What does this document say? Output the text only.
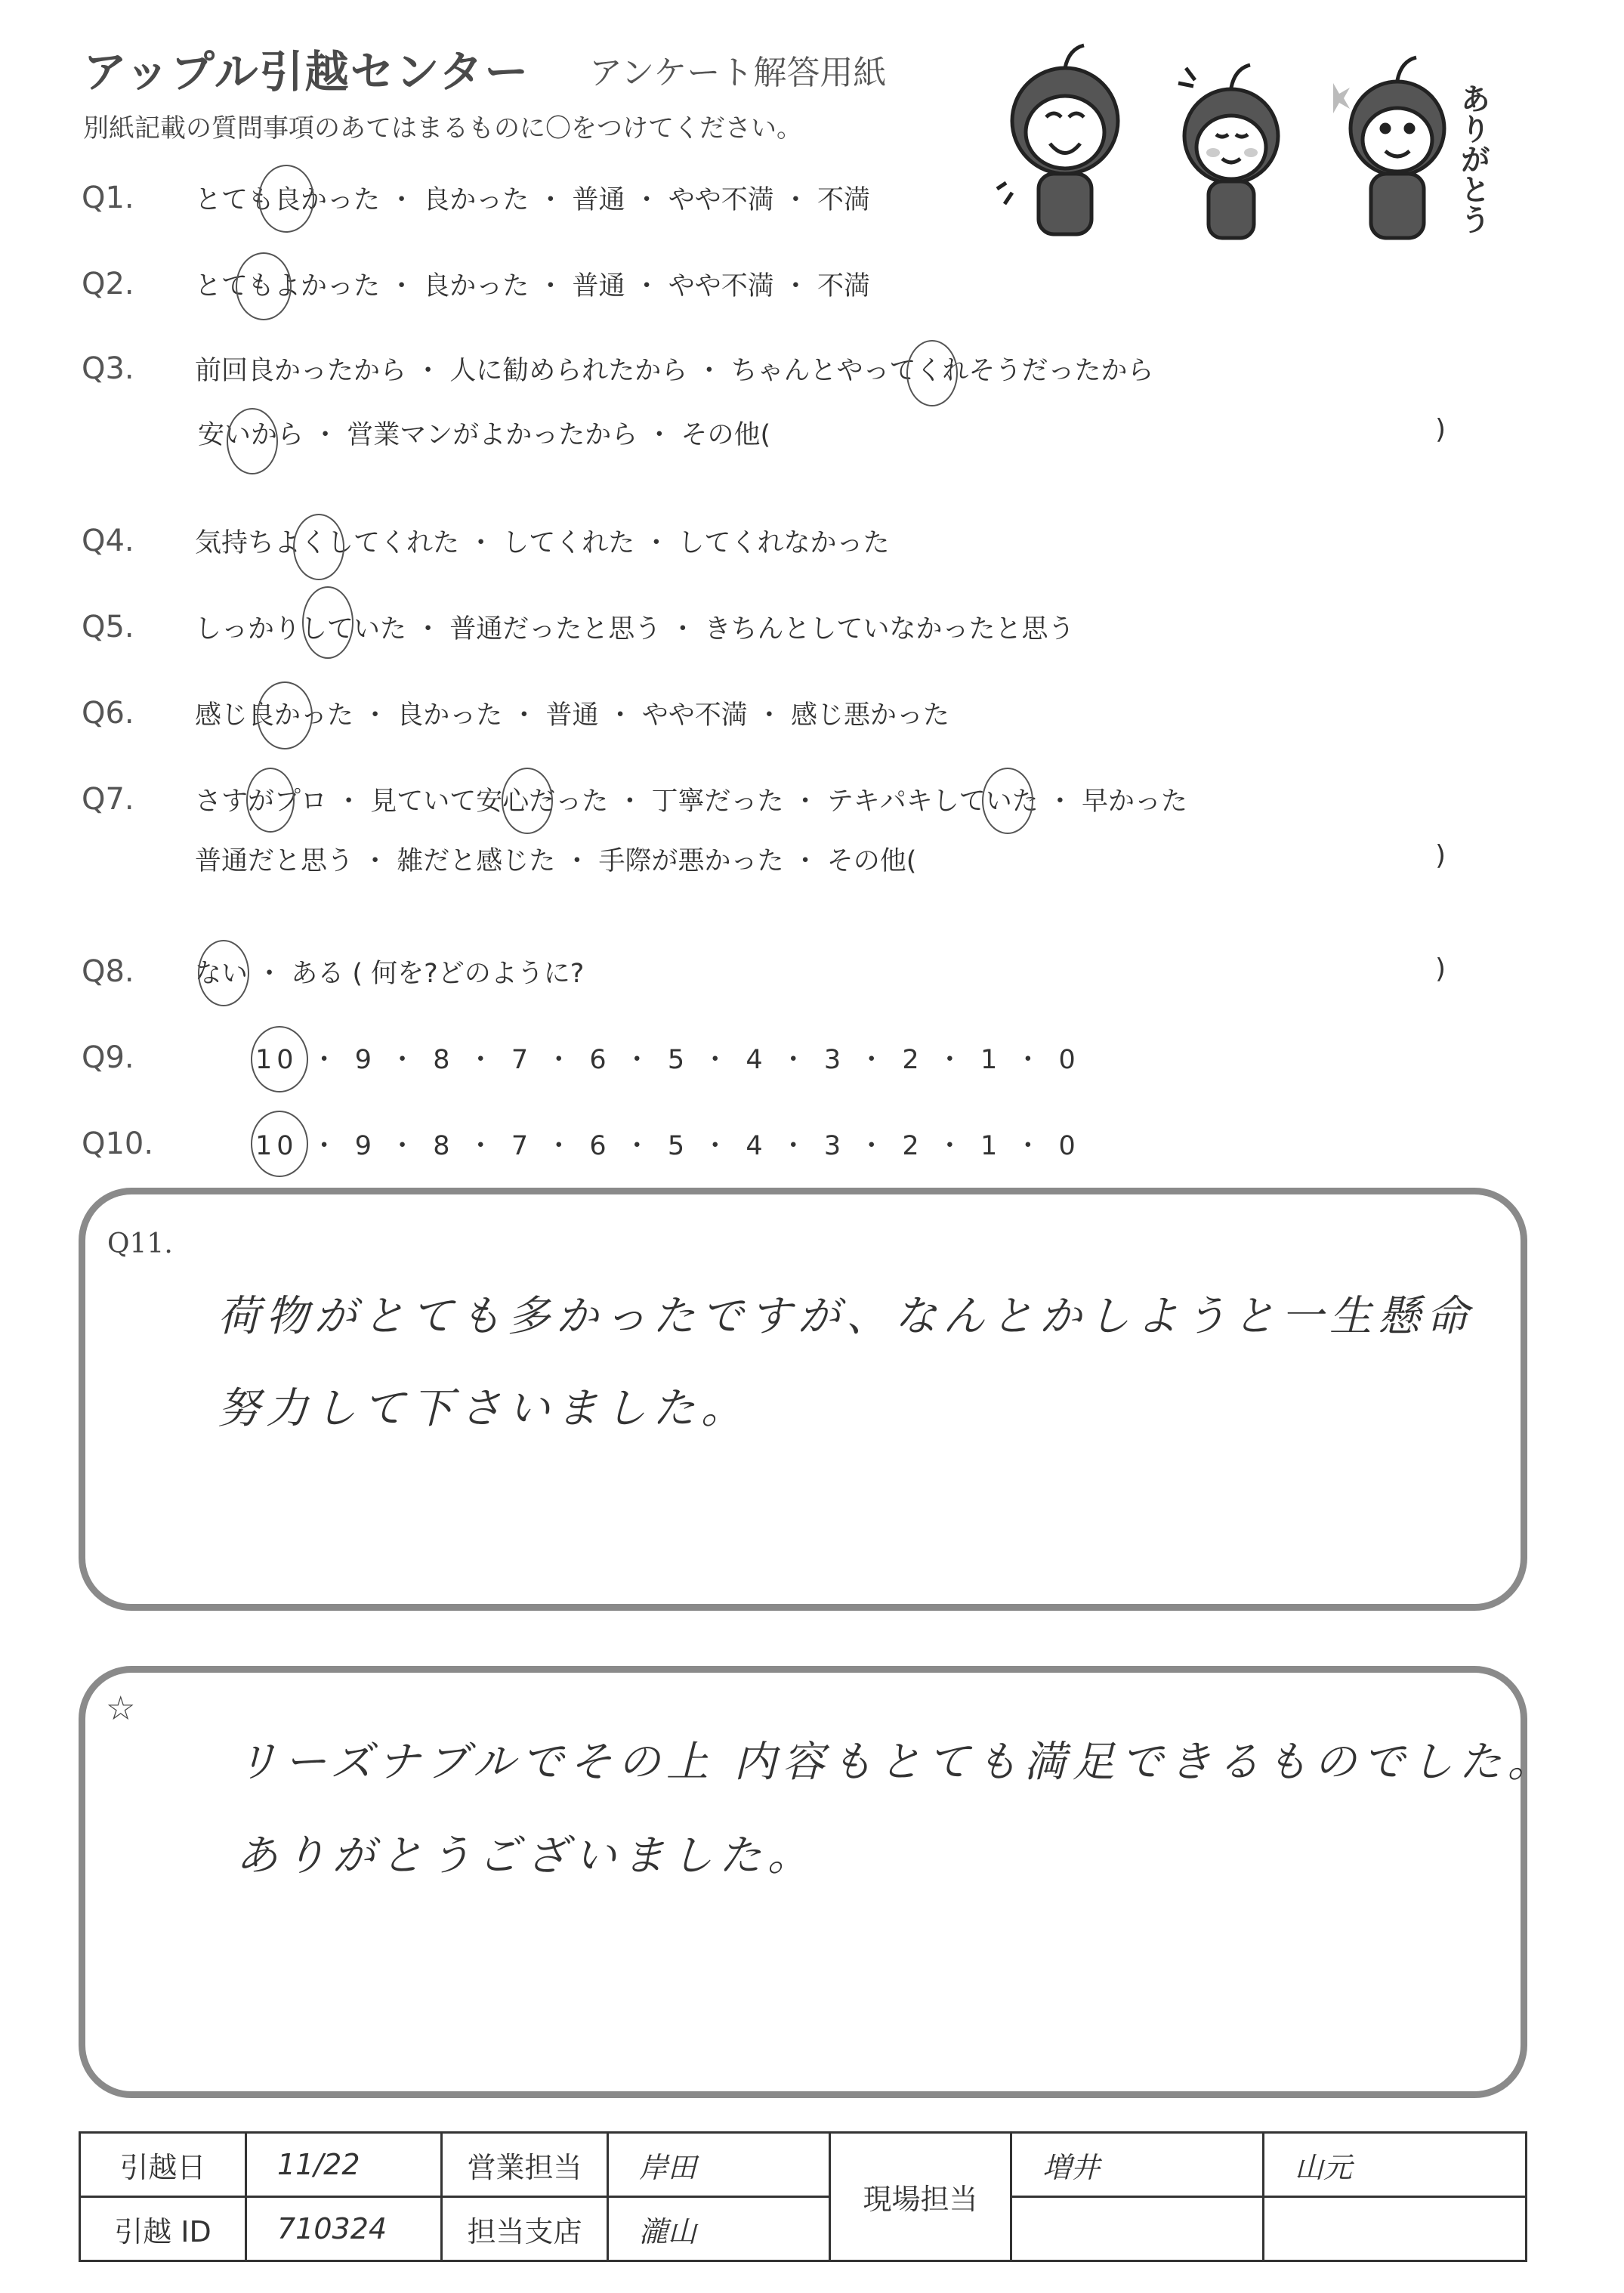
アップル引越センター アンケート解答用紙
別紙記載の質問事項のあてはまるものに〇をつけてください。	ありがとう
Q1.	とても良かった ・ 良かった ・ 普通 ・ やや不満 ・ 不満
Q2.	とてもよかった ・ 良かった ・ 普通 ・ やや不満 ・ 不満
Q3.	前回良かったから ・ 人に勧められたから ・ ちゃんとやってくれそうだったから
安いから ・ 営業マンがよかったから ・ その他(	)
Q4.	気持ちよくしてくれた ・ してくれた ・ してくれなかった
Q5.	しっかりしていた ・ 普通だったと思う ・ きちんとしていなかったと思う
Q6.	感じ良かった ・ 良かった ・ 普通 ・ やや不満 ・ 感じ悪かった
Q7.	さすがプロ ・ 見ていて安心だった ・ 丁寧だった ・ テキパキしていた ・ 早かった
普通だと思う ・ 雑だと感じた ・ 手際が悪かった ・ その他(	)
Q8.	ない ・ ある ( 何を?どのように?	)
Q9.	10 ・ 9 ・ 8 ・ 7 ・ 6 ・ 5 ・ 4 ・ 3 ・ 2 ・ 1 ・ 0
Q10.	10 ・ 9 ・ 8 ・ 7 ・ 6 ・ 5 ・ 4 ・ 3 ・ 2 ・ 1 ・ 0
Q11.
荷物がとても多かったですが、なんとかしようと一生懸命
努力して下さいました。
☆
リーズナブルでその上 内容もとても満足できるものでした。
ありがとうございました。
引越日	11/22	営業担当	岸田	現場担当	増井	山元
引越 ID	710324	担当支店	瀧山			
